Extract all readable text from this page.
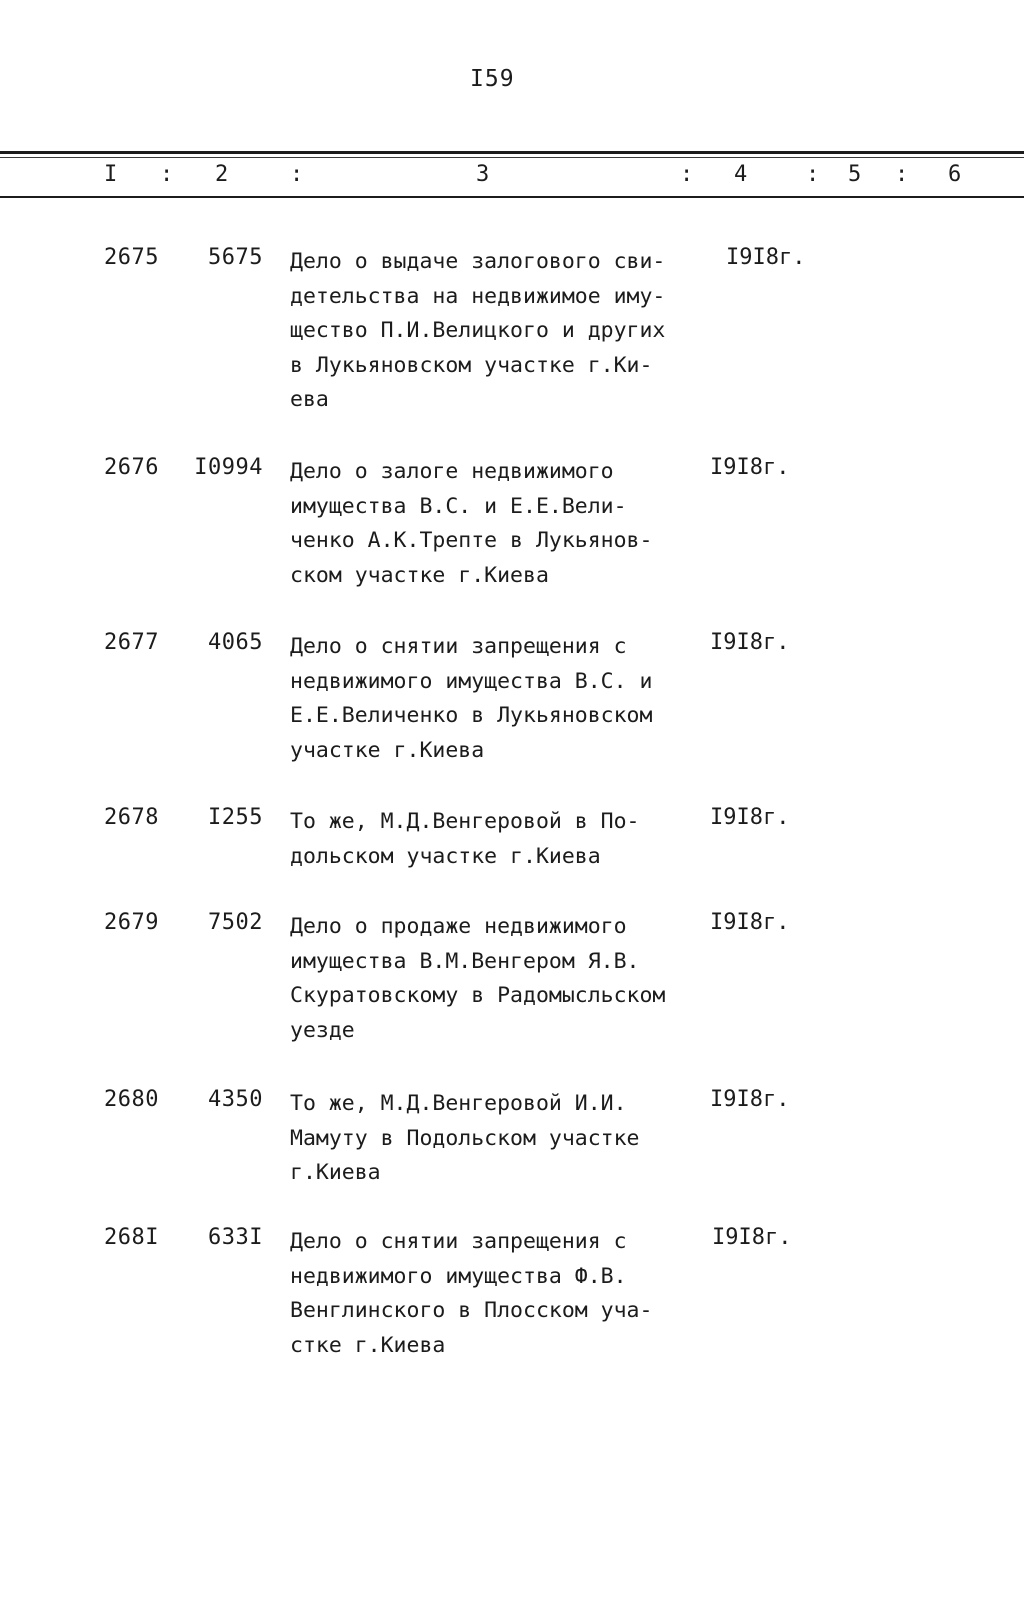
I59
I : 2	:	3	: 4	: 5 : 6
2675	5675 Дело о выдаче залогового сви-
детельства на недвижимое иму-
щество П.И.Велицкого и других
в Лукьяновском участке г.Ки-
ева
I9I8г.
2676	I0994 Дело о залоге недвижимого
имущества В.С. и Е.Е.Вели-
ченко А.К.Трепте в Лукьянов-
ском участке г.Киева
I9I8г.
2677	4065 Дело о снятии запрещения с
недвижимого имущества В.С. и
Е.Е.Величенко в Лукьяновском
участке г.Киева
I9I8г.
2678	I255 То же, М.Д.Венгеровой в По-
дольском участке г.Киева
I9I8г.
2679	7502 Дело о продаже недвижимого
имущества В.М.Венгером Я.В.
Скуратовскому в Радомысльском
уезде
I9I8г.
2680	4350 То же, М.Д.Венгеровой И.И.
Мамуту в Подольском участке
г.Киева
I9I8г.
268I	633I Дело о снятии запрещения с
недвижимого имущества Ф.В.
Венглинского в Плосском уча-
стке г.Киева
I9I8г.
